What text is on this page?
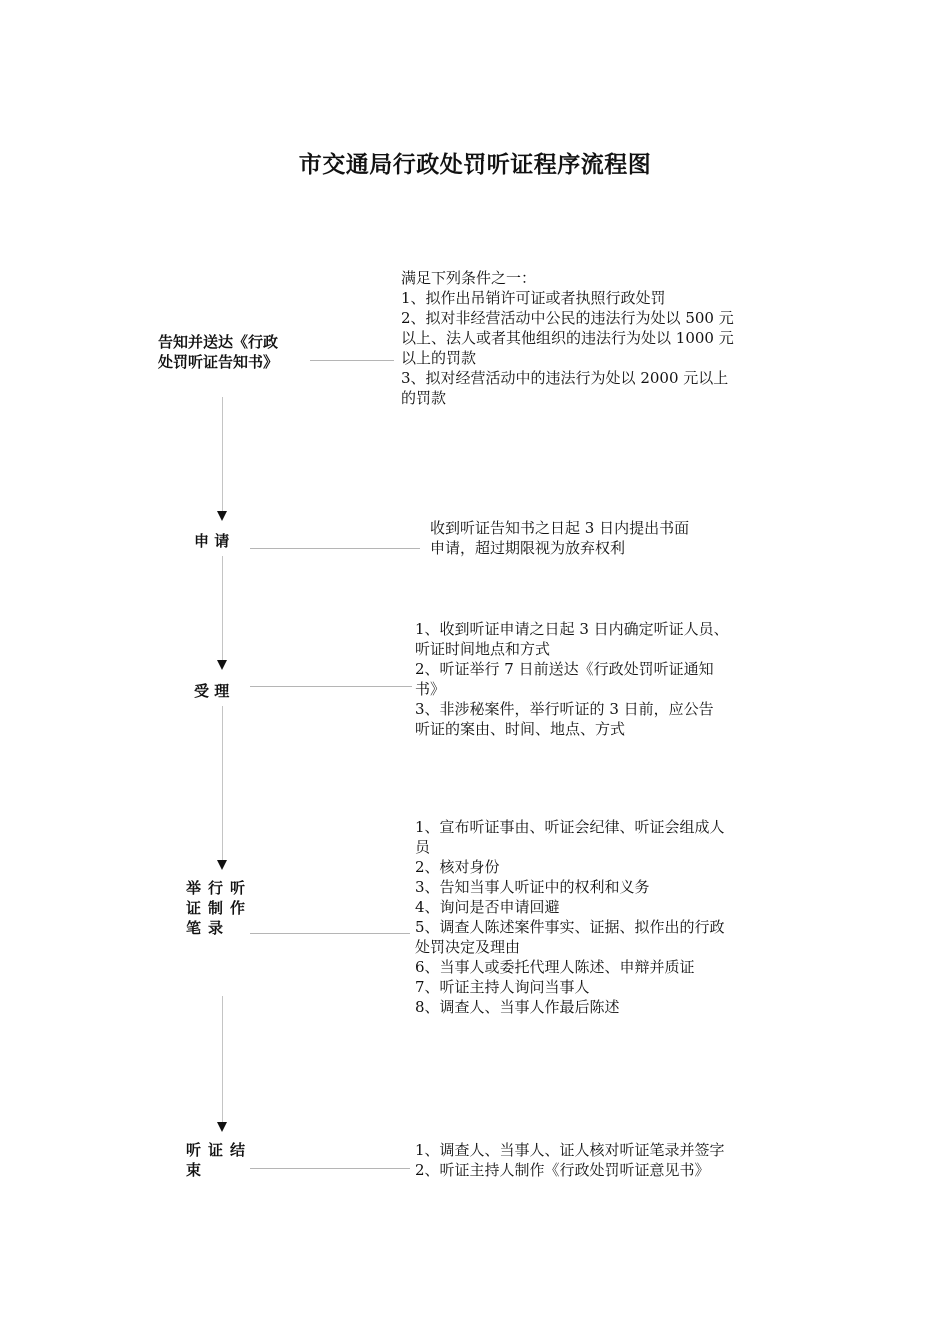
市交通局行政处罚听证程序流程图
告知并送达《行政
处罚听证告知书》
满足下列条件之一：
1、拟作出吊销许可证或者执照行政处罚
2、拟对非经营活动中公民的违法行为处以 500 元
以上、法人或者其他组织的违法行为处以 1000 元
以上的罚款
3、拟对经营活动中的违法行为处以 2000 元以上
的罚款
申 请
收到听证告知书之日起 3 日内提出书面
申请，超过期限视为放弃权利
受 理
1、收到听证申请之日起 3 日内确定听证人员、
听证时间地点和方式
2、听证举行 7 日前送达《行政处罚听证通知
书》
3、非涉秘案件，举行听证的 3 日前，应公告
听证的案由、时间、地点、方式
举行听
证制作
笔录
1、宣布听证事由、听证会纪律、听证会组成人
员
2、核对身份
3、告知当事人听证中的权利和义务
4、询问是否申请回避
5、调查人陈述案件事实、证据、拟作出的行政
处罚决定及理由
6、当事人或委托代理人陈述、申辩并质证
7、听证主持人询问当事人
8、调查人、当事人作最后陈述
听证结
束
1、调查人、当事人、证人核对听证笔录并签字
2、听证主持人制作《行政处罚听证意见书》
